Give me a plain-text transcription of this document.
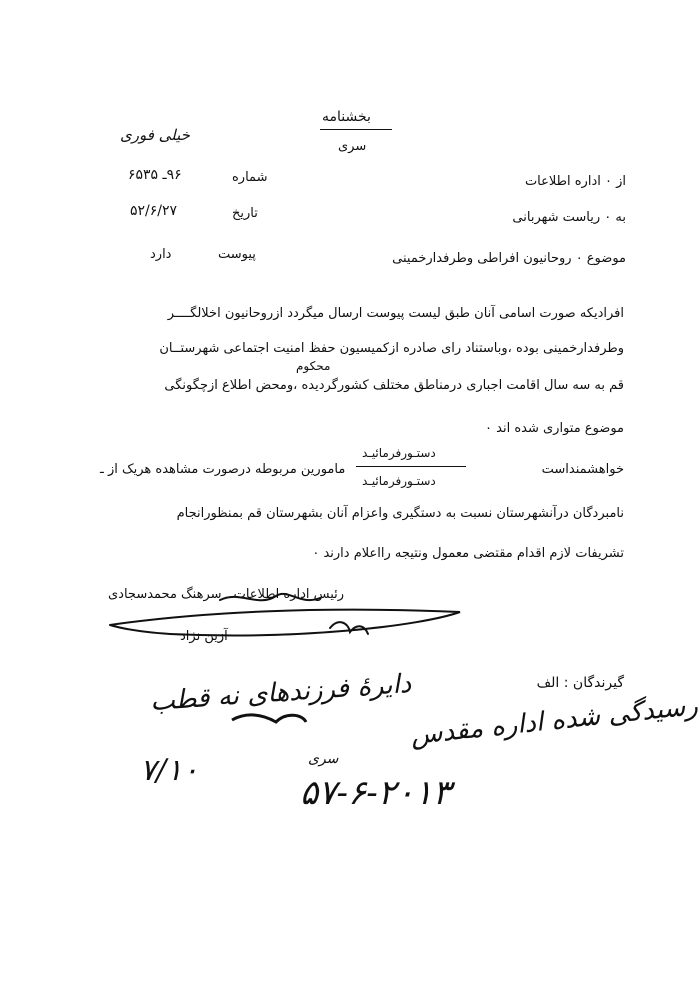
بخشنامه
سری
خیلی فوری
شماره
۹۶ـ ۶۵۳۵
تاریخ
۵۲/۶/۲۷
پیوست
دارد
از ۰ اداره اطلاعات
به ۰ ریاست شهربانی
موضوع ۰ روحانیون افراطی وطرفدارخمینی
افرادیکه صورت اسامی آنان طبق لیست پیوست ارسال میگردد ازروحانیون اخلالگــــر
وطرفدارخمینی بوده ،وباستناد رای صادره ازکمیسیون حفظ امنیت اجتماعی شهرستــان
محکوم
قم به سه سال اقامت اجباری درمناطق مختلف کشورگردیده ،ومحض اطلاع ازچگونگی
موضوع متواری شده اند ۰
خواهشمنداست
دستـورفرمائیـد
دستـورفرمائیـد
مامورین مربوطه درصورت مشاهده هریک از ـ
نامبردگان درآنشهرستان نسبت به دستگیری واعزام آنان بشهرستان قم بمنظورانجام
تشریفات لازم اقدام مقتضی معمول ونتیجه رااعلام دارند ۰
رئیس اداره اطلاعات ـ سرهنگ محمدسجادی
آزین نژاد
گیرندگان : الف
دایرهٔ فرزندهای نه قطب
رسیدگی شده اداره مقدس
سری
۷/۱۰
۵۷-۶-۲۰۱۳
